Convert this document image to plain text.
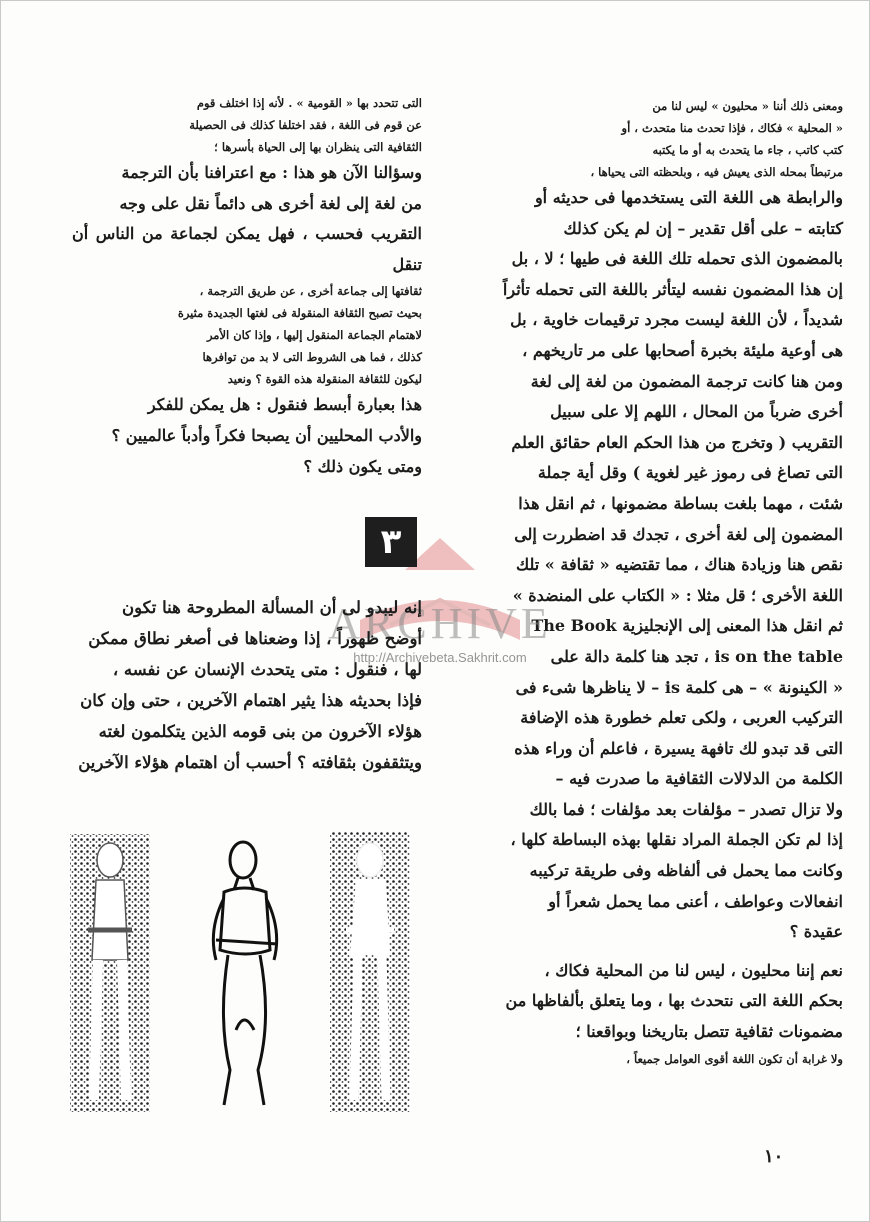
ومعنى ذلك أننا « محليون » ليس لنا من

« المحلية » فكاك ، فإذا تحدث منا متحدث ، أو

كتب كاتب ، جاء ما يتحدث به أو ما يكتبه

مرتبطاً بمحله الذى يعيش فيه ، وبلحظته التى يحياها ،

والرابطة هى اللغة التى يستخدمها فى حديثه أو

كتابته – على أقل تقدير – إن لم يكن كذلك

بالمضمون الذى تحمله تلك اللغة فى طيها ؛ لا ، بل

إن هذا المضمون نفسه ليتأثر باللغة التى تحمله تأثراً

شديداً ، لأن اللغة ليست مجرد ترقيمات خاوية ، بل

هى أوعية مليئة بخبرة أصحابها على مر تاريخهم ،

ومن هنا كانت ترجمة المضمون من لغة إلى لغة

أخرى ضرباً من المحال ، اللهم إلا على سبيل

التقريب ( وتخرج من هذا الحكم العام حقائق العلم

التى تصاغ فى رموز غير لغوية ) وقل أية جملة

شئت ، مهما بلغت بساطة مضمونها ، ثم انقل هذا

المضمون إلى لغة أخرى ، تجدك قد اضطررت إلى

نقص هنا وزيادة هناك ، مما تقتضيه « ثقافة » تلك

اللغة الأخرى ؛ قل مثلا : « الكتاب على المنضدة »

ثم انقل هذا المعنى إلى الإنجليزية The Book

is on the table ، تجد هنا كلمة دالة على

« الكينونة » – هى كلمة is – لا يناظرها شىء فى

التركيب العربى ، ولكى تعلم خطورة هذه الإضافة

التى قد تبدو لك تافهة يسيرة ، فاعلم أن وراء هذه

الكلمة من الدلالات الثقافية ما صدرت فيه –

ولا تزال تصدر – مؤلفات بعد مؤلفات ؛ فما بالك

إذا لم تكن الجملة المراد نقلها بهذه البساطة كلها ،

وكانت مما يحمل فى ألفاظه وفى طريقة تركيبه

انفعالات وعواطف ، أعنى مما يحمل شعراً أو

عقيدة ؟

نعم إننا محليون ، ليس لنا من المحلية فكاك ،

بحكم اللغة التى نتحدث بها ، وما يتعلق بألفاظها من

مضمونات ثقافية تتصل بتاريخنا وبواقعنا ؛

ولا غرابة أن تكون اللغة أقوى العوامل جميعاً ،

التى تتحدد بها « القومية » . لأنه إذا اختلف قوم

عن قوم فى اللغة ، فقد اختلفا كذلك فى الحصيلة

الثقافية التى ينظران بها إلى الحياة بأسرها ؛

وسؤالنا الآن هو هذا : مع اعترافنا بأن الترجمة

من لغة إلى لغة أخرى هى دائماً نقل على وجه

التقريب فحسب ، فهل يمكن لجماعة من الناس أن تنقل

ثقافتها إلى جماعة أخرى ، عن طريق الترجمة ،

بحيث تصبح الثقافة المنقولة فى لغتها الجديدة مثيرة

لاهتمام الجماعة المنقول إليها ، وإذا كان الأمر

كذلك ، فما هى الشروط التى لا بد من توافرها

ليكون للثقافة المنقولة هذه القوة ؟ ونعيد

هذا بعبارة أبسط فنقول : هل يمكن للفكر

والأدب المحليين أن يصبحا فكراً وأدباً عالميين ؟

ومتى يكون ذلك ؟

ARCHIVE
http://Archivebeta.Sakhrit.com
٣

إنه ليبدو لى أن المسألة المطروحة هنا تكون

أوضح ظهوراً ، إذا وضعناها فى أصغر نطاق ممكن

لها ، فنقول : متى يتحدث الإنسان عن نفسه ،

فإذا بحديثه هذا يثير اهتمام الآخرين ، حتى وإن كان

هؤلاء الآخرون من بنى قومه الذين يتكلمون لغته

ويتثقفون بثقافته ؟ أحسب أن اهتمام هؤلاء الآخرين

١٠
